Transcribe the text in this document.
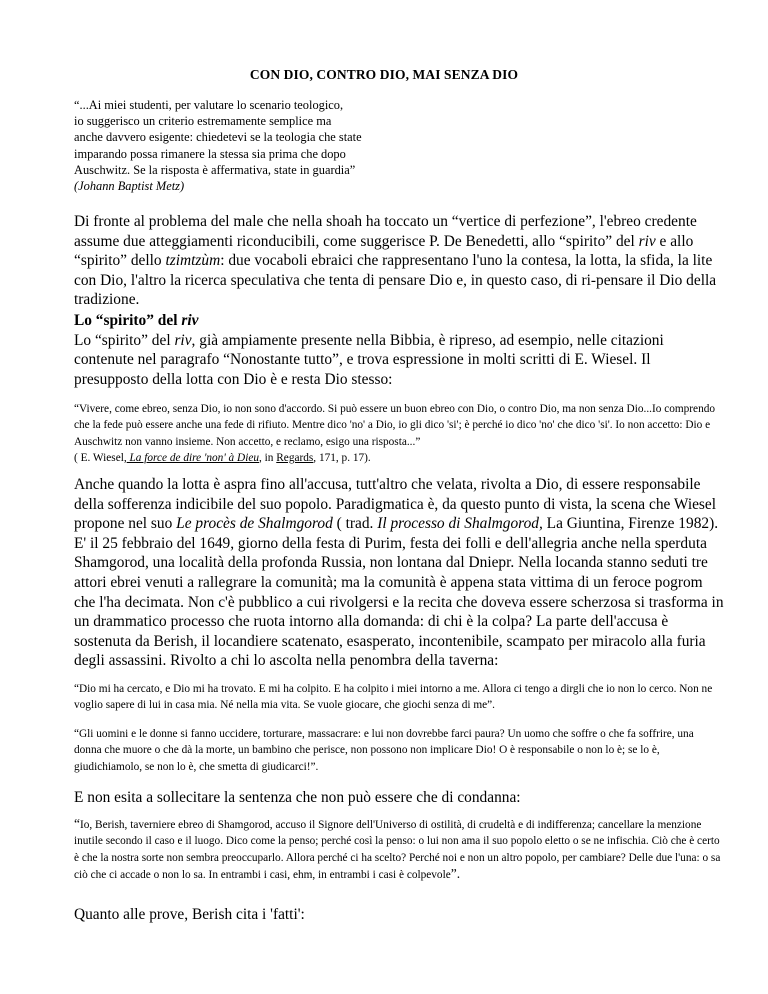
CON DIO, CONTRO DIO, MAI SENZA DIO
“...Ai miei studenti, per valutare lo scenario teologico,
io suggerisco un criterio estremamente semplice ma
anche davvero esigente: chiedetevi se la teologia che state
imparando possa rimanere la stessa sia prima che dopo
Auschwitz. Se la risposta è affermativa, state in guardia”
(Johann Baptist Metz)

Di fronte al problema del male che nella shoah ha toccato un “vertice di perfezione”, l'ebreo credente assume due atteggiamenti riconducibili, come suggerisce P. De Benedetti, allo “spirito” del riv e allo “spirito” dello tzimtzùm: due vocaboli ebraici che rappresentano l'uno la contesa, la lotta, la sfida, la lite con Dio, l'altro la ricerca speculativa che tenta di pensare Dio e, in questo caso, di ri-pensare il Dio della tradizione.

Lo “spirito” del riv
Lo “spirito” del riv, già ampiamente presente nella Bibbia, è ripreso, ad esempio, nelle citazioni contenute nel paragrafo “Nonostante tutto”, e trova espressione in molti scritti di E. Wiesel. Il presupposto della lotta con Dio è e resta Dio stesso:

“Vivere, come ebreo, senza Dio, io non sono d'accordo. Si può essere un buon ebreo con Dio, o contro Dio, ma non senza Dio...Io comprendo che la fede può essere anche una fede di rifiuto. Mentre dico 'no' a Dio, io gli dico 'si'; è perché io dico 'no' che dico 'si'. Io non accetto: Dio e Auschwitz non vanno insieme. Non accetto, e reclamo, esigo una risposta...”
( E. Wiesel, La force de dire 'non' à Dieu, in Regards, 171, p. 17).

Anche quando la lotta è aspra fino all'accusa, tutt'altro che velata, rivolta a Dio, di essere responsabile della sofferenza indicibile del suo popolo. Paradigmatica è, da questo punto di vista, la scena che Wiesel propone nel suo Le procès de Shalmgorod ( trad. Il processo di Shalmgorod, La Giuntina, Firenze 1982).
E' il 25 febbraio del 1649, giorno della festa di Purim, festa dei folli e dell'allegria anche nella sperduta Shamgorod, una località della profonda Russia, non lontana dal Dniepr. Nella locanda stanno seduti tre attori ebrei venuti a rallegrare la comunità; ma la comunità è appena stata vittima di un feroce pogrom che l'ha decimata. Non c'è pubblico a cui rivolgersi e la recita che doveva essere scherzosa si trasforma in un drammatico processo che ruota intorno alla domanda: di chi è la colpa? La parte dell'accusa è sostenuta da Berish, il locandiere scatenato, esasperato, incontenibile, scampato per miracolo alla furia degli assassini. Rivolto a chi lo ascolta nella penombra della taverna:

“Dio mi ha cercato, e Dio mi ha trovato. E mi ha colpito. E ha colpito i miei intorno a me. Allora ci tengo a dirgli che io non lo cerco. Non ne voglio sapere di lui in casa mia. Né nella mia vita. Se vuole giocare, che giochi senza di me”.

“Gli uomini e le donne si fanno uccidere, torturare, massacrare: e lui non dovrebbe farci paura? Un uomo che soffre o che fa soffrire, una donna che muore o che dà la morte, un bambino che perisce, non possono non implicare Dio! O è responsabile o non lo è; se lo è, giudichiamolo, se non lo è, che smetta di giudicarci!”.

E non esita a sollecitare la sentenza che non può essere che di condanna:

“Io, Berish, taverniere ebreo di Shamgorod, accuso il Signore dell'Universo di ostilità, di crudeltà e di indifferenza; cancellare la menzione inutile secondo il caso e il luogo. Dico come la penso; perché così la penso: o lui non ama il suo popolo eletto o se ne infischia. Ciò che è certo è che la nostra sorte non sembra preoccuparlo. Allora perché ci ha scelto? Perché noi e non un altro popolo, per cambiare? Delle due l'una: o sa ciò che ci accade o non lo sa. In entrambi i casi, ehm, in entrambi i casi è colpevole”.

Quanto alle prove, Berish cita i 'fatti':
